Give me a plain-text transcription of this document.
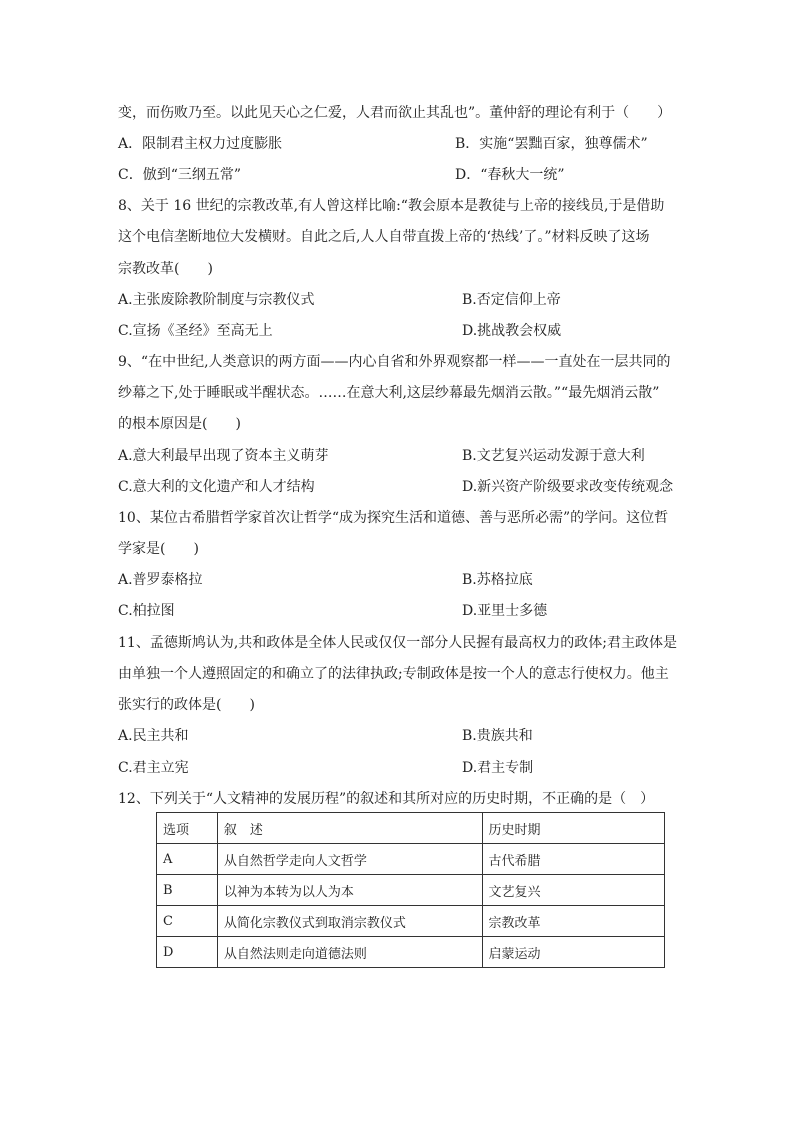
变，而伤败乃至。以此见天心之仁爱，人君而欲止其乱也”。董仲舒的理论有利于（　　）
A．限制君主权力过度膨胀	B．实施“罢黜百家，独尊儒术”
C．倣到“三纲五常”	D．“春秋大一统”
8、关于 16 世纪的宗教改革,有人曾这样比喻:“教会原本是教徒与上帝的接线员,于是借助
这个电信垄断地位大发横财。自此之后,人人自带直拨上帝的‘热线’了。”材料反映了这场
宗教改革(　　)
A.主张废除教阶制度与宗教仪式	B.否定信仰上帝
C.宣扬《圣经》至高无上	D.挑战教会权威
9、“在中世纪,人类意识的两方面——内心自省和外界观察都一样——一直处在一层共同的
纱幕之下,处于睡眠或半醒状态。……在意大利,这层纱幕最先烟消云散。”“最先烟消云散”
的根本原因是(　　)
A.意大利最早出现了资本主义萌芽	B.文艺复兴运动发源于意大利
C.意大利的文化遗产和人才结构	D.新兴资产阶级要求改变传统观念
10、某位古希腊哲学家首次让哲学“成为探究生活和道德、善与恶所必需”的学问。这位哲
学家是(　　)
A.普罗泰格拉	B.苏格拉底
C.柏拉图	D.亚里士多德
11、孟德斯鸠认为,共和政体是全体人民或仅仅一部分人民握有最高权力的政体;君主政体是
由单独一个人遵照固定的和确立了的法律执政;专制政体是按一个人的意志行使权力。他主
张实行的政体是(　　)
A.民主共和	B.贵族共和
C.君主立宪	D.君主专制
12、下列关于“人文精神的发展历程”的叙述和其所对应的历史时期，不正确的是（　）
选项	叙　述	历史时期
A	从自然哲学走向人文哲学	古代希腊
B	以神为本转为以人为本	文艺复兴
C	从简化宗教仪式到取消宗教仪式	宗教改革
D	从自然法则走向道德法则	启蒙运动
